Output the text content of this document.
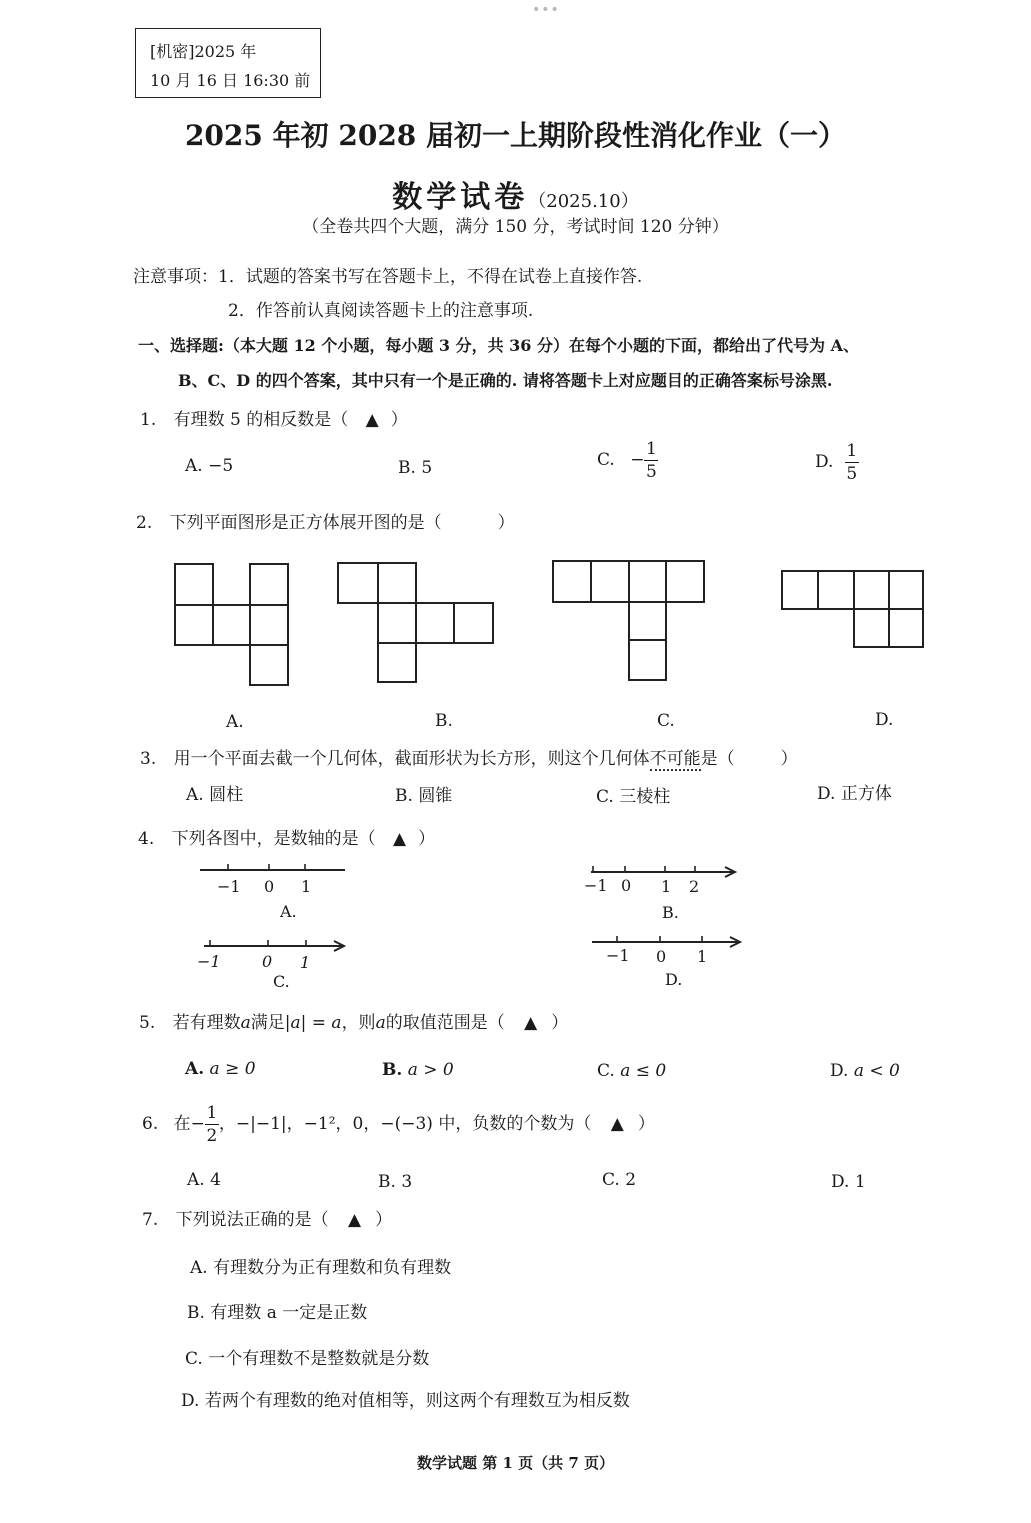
•••
[机密]2025 年
10 月 16 日 16:30 前
2025 年初 2028 届初一上期阶段性消化作业（一）
数学试卷（2025.10）
（全卷共四个大题，满分 150 分，考试时间 120 分钟）
注意事项：1．试题的答案书写在答题卡上，不得在试卷上直接作答.
2．作答前认真阅读答题卡上的注意事项.
一、选择题:（本大题 12 个小题，每小题 3 分，共 36 分）在每个小题的下面，都给出了代号为 A、
B、C、D 的四个答案，其中只有一个是正确的. 请将答题卡上对应题目的正确答案标号涂黑.
1. 有理数 5 的相反数是（ ▲ ）
A. −5	B. 5	C. − $\frac{1}{5}$	D. $\frac{1}{5}$
2. 下列平面图形是正方体展开图的是（	）
A.	B.	C.	D.
3. 用一个平面去截一个几何体，截面形状为长方形，则这个几何体不可能是（	）
A. 圆柱	B. 圆锥	C. 三棱柱	D. 正方体
4. 下列各图中，是数轴的是（ ▲ ）
−1 0 1
A.
−1 0 1 2
B.
−1	0 1
C.
−1 0 1
D.
5. 若有理数a满足|a| = a，则a的取值范围是（ ▲ ）
A. a ≥ 0	B. a > 0	C. a ≤ 0	D. a < 0
6. 在− $\frac{1}{2}$ ，−|−1|，−1²，0，−(−3) 中，负数的个数为（ ▲ ）
A. 4	B. 3	C. 2	D. 1
7. 下列说法正确的是（ ▲ ）
A. 有理数分为正有理数和负有理数
B. 有理数 a 一定是正数
C. 一个有理数不是整数就是分数
D. 若两个有理数的绝对值相等，则这两个有理数互为相反数
数学试题 第 1 页（共 7 页）
